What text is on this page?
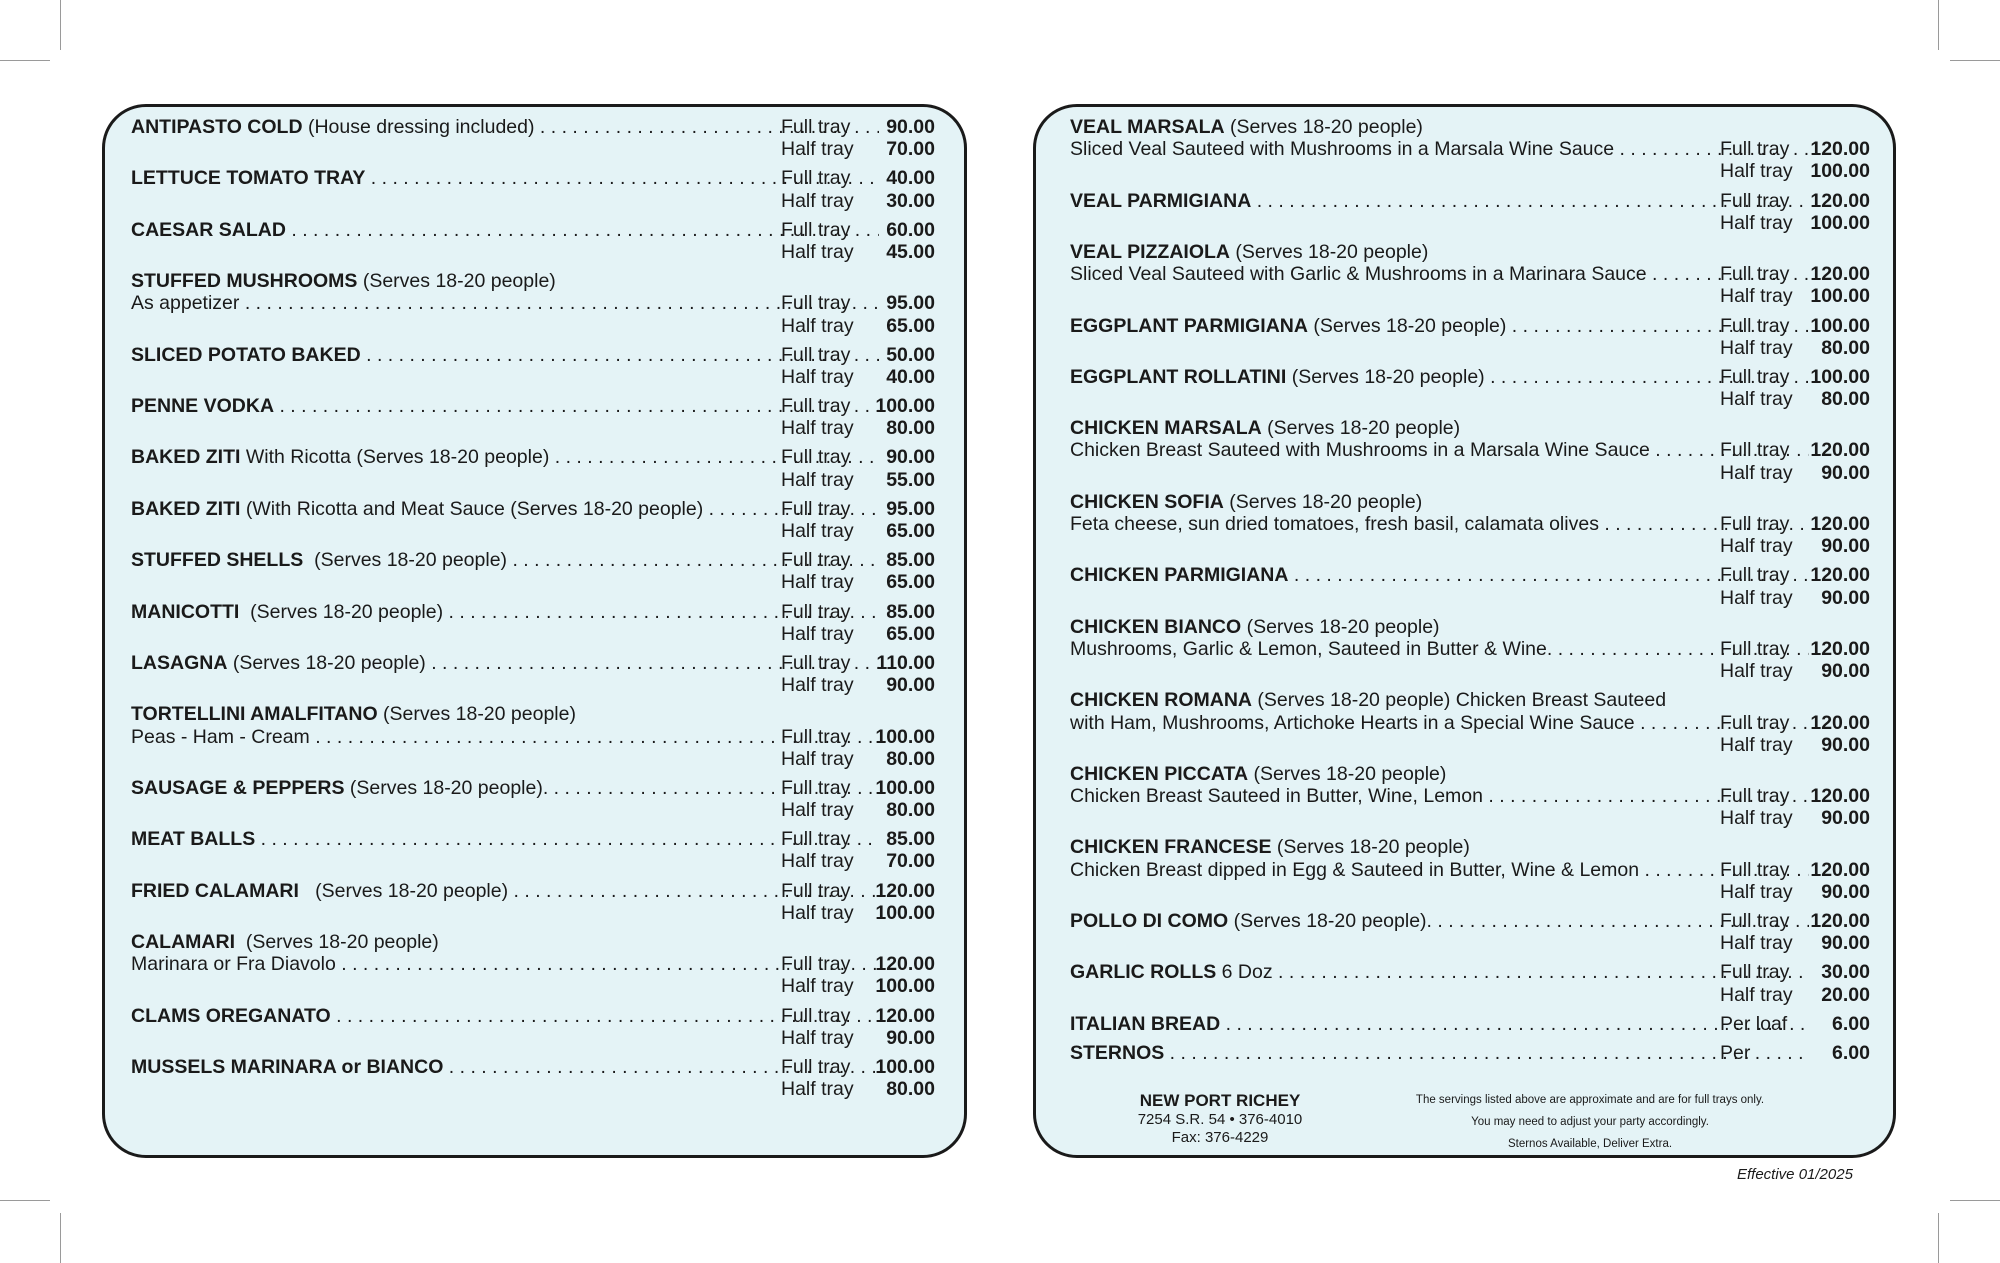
ANTIPASTO COLD (House dressing included) . . .	Full tray	90.00
Half tray	70.00
LETTUCE TOMATO TRAY . . .	Full tray	40.00
Half tray	30.00
CAESAR SALAD . . .	Full tray	60.00
Half tray	45.00
STUFFED MUSHROOMS (Serves 18-20 people)
As appetizer . . .	Full tray	95.00
Half tray	65.00
SLICED POTATO BAKED . . .	Full tray	50.00
Half tray	40.00
PENNE VODKA . . .	Full tray	100.00
Half tray	80.00
BAKED ZITI With Ricotta (Serves 18-20 people) . . .	Full tray	90.00
Half tray	55.00
BAKED ZITI (With Ricotta and Meat Sauce (Serves 18-20 people) . . .	Full tray	95.00
Half tray	65.00
STUFFED SHELLS  (Serves 18-20 people) . . .	Full tray	85.00
Half tray	65.00
MANICOTTI  (Serves 18-20 people) . . .	Full tray	85.00
Half tray	65.00
LASAGNA (Serves 18-20 people) . . .	Full tray	110.00
Half tray	90.00
TORTELLINI AMALFITANO (Serves 18-20 people)
Peas - Ham - Cream . . .	Full tray	100.00
Half tray	80.00
SAUSAGE & PEPPERS (Serves 18-20 people). . . .	Full tray	100.00
Half tray	80.00
MEAT BALLS . . .	Full tray	85.00
Half tray	70.00
FRIED CALAMARI   (Serves 18-20 people) . . .	Full tray	120.00
Half tray	100.00
CALAMARI  (Serves 18-20 people)
Marinara or Fra Diavolo . . .	Full tray	120.00
Half tray	100.00
CLAMS OREGANATO . . .	Full tray	120.00
Half tray	90.00
MUSSELS MARINARA or BIANCO . . .	Full tray	100.00
Half tray	80.00
VEAL MARSALA (Serves 18-20 people)
Sliced Veal Sauteed with Mushrooms in a Marsala Wine Sauce . . .	Full tray	120.00
Half tray 100.00
VEAL PARMIGIANA . . .	Full tray	120.00
Half tray 100.00
VEAL PIZZAIOLA (Serves 18-20 people)
Sliced Veal Sauteed with Garlic & Mushrooms in a Marinara Sauce . . .	Full tray	120.00
Half tray 100.00
EGGPLANT PARMIGIANA (Serves 18-20 people) . . .	Full tray	100.00
Half tray	80.00
EGGPLANT ROLLATINI (Serves 18-20 people) . . .	Full tray	100.00
Half tray	80.00
CHICKEN MARSALA (Serves 18-20 people)
Chicken Breast Sauteed with Mushrooms in a Marsala Wine Sauce . . .	Full tray	120.00
Half tray	90.00
CHICKEN SOFIA (Serves 18-20 people)
Feta cheese, sun dried tomatoes, fresh basil, calamata olives . . .	Full tray	120.00
Half tray	90.00
CHICKEN PARMIGIANA . . .	Full tray	120.00
Half tray	90.00
CHICKEN BIANCO (Serves 18-20 people)
Mushrooms, Garlic & Lemon, Sauteed in Butter & Wine. . . .	Full tray	120.00
Half tray	90.00
CHICKEN ROMANA (Serves 18-20 people) Chicken Breast Sauteed
with Ham, Mushrooms, Artichoke Hearts in a Special Wine Sauce . . .	Full tray	120.00
Half tray	90.00
CHICKEN PICCATA (Serves 18-20 people)
Chicken Breast Sauteed in Butter, Wine, Lemon . . .	Full tray	120.00
Half tray	90.00
CHICKEN FRANCESE (Serves 18-20 people)
Chicken Breast dipped in Egg & Sauteed in Butter, Wine & Lemon . . .	Full tray	120.00
Half tray	90.00
POLLO DI COMO (Serves 18-20 people). . . .	Full tray	120.00
Half tray	90.00
GARLIC ROLLS 6 Doz . . .	Full tray	30.00
Half tray	20.00
ITALIAN BREAD . . .	Per loaf	6.00
STERNOS . . .	Per	6.00
NEW PORT RICHEY
7254 S.R. 54 • 376-4010
Fax: 376-4229
The servings listed above are approximate and are for full trays only.
You may need to adjust your party accordingly.
Sternos Available, Deliver Extra.
Effective 01/2025
